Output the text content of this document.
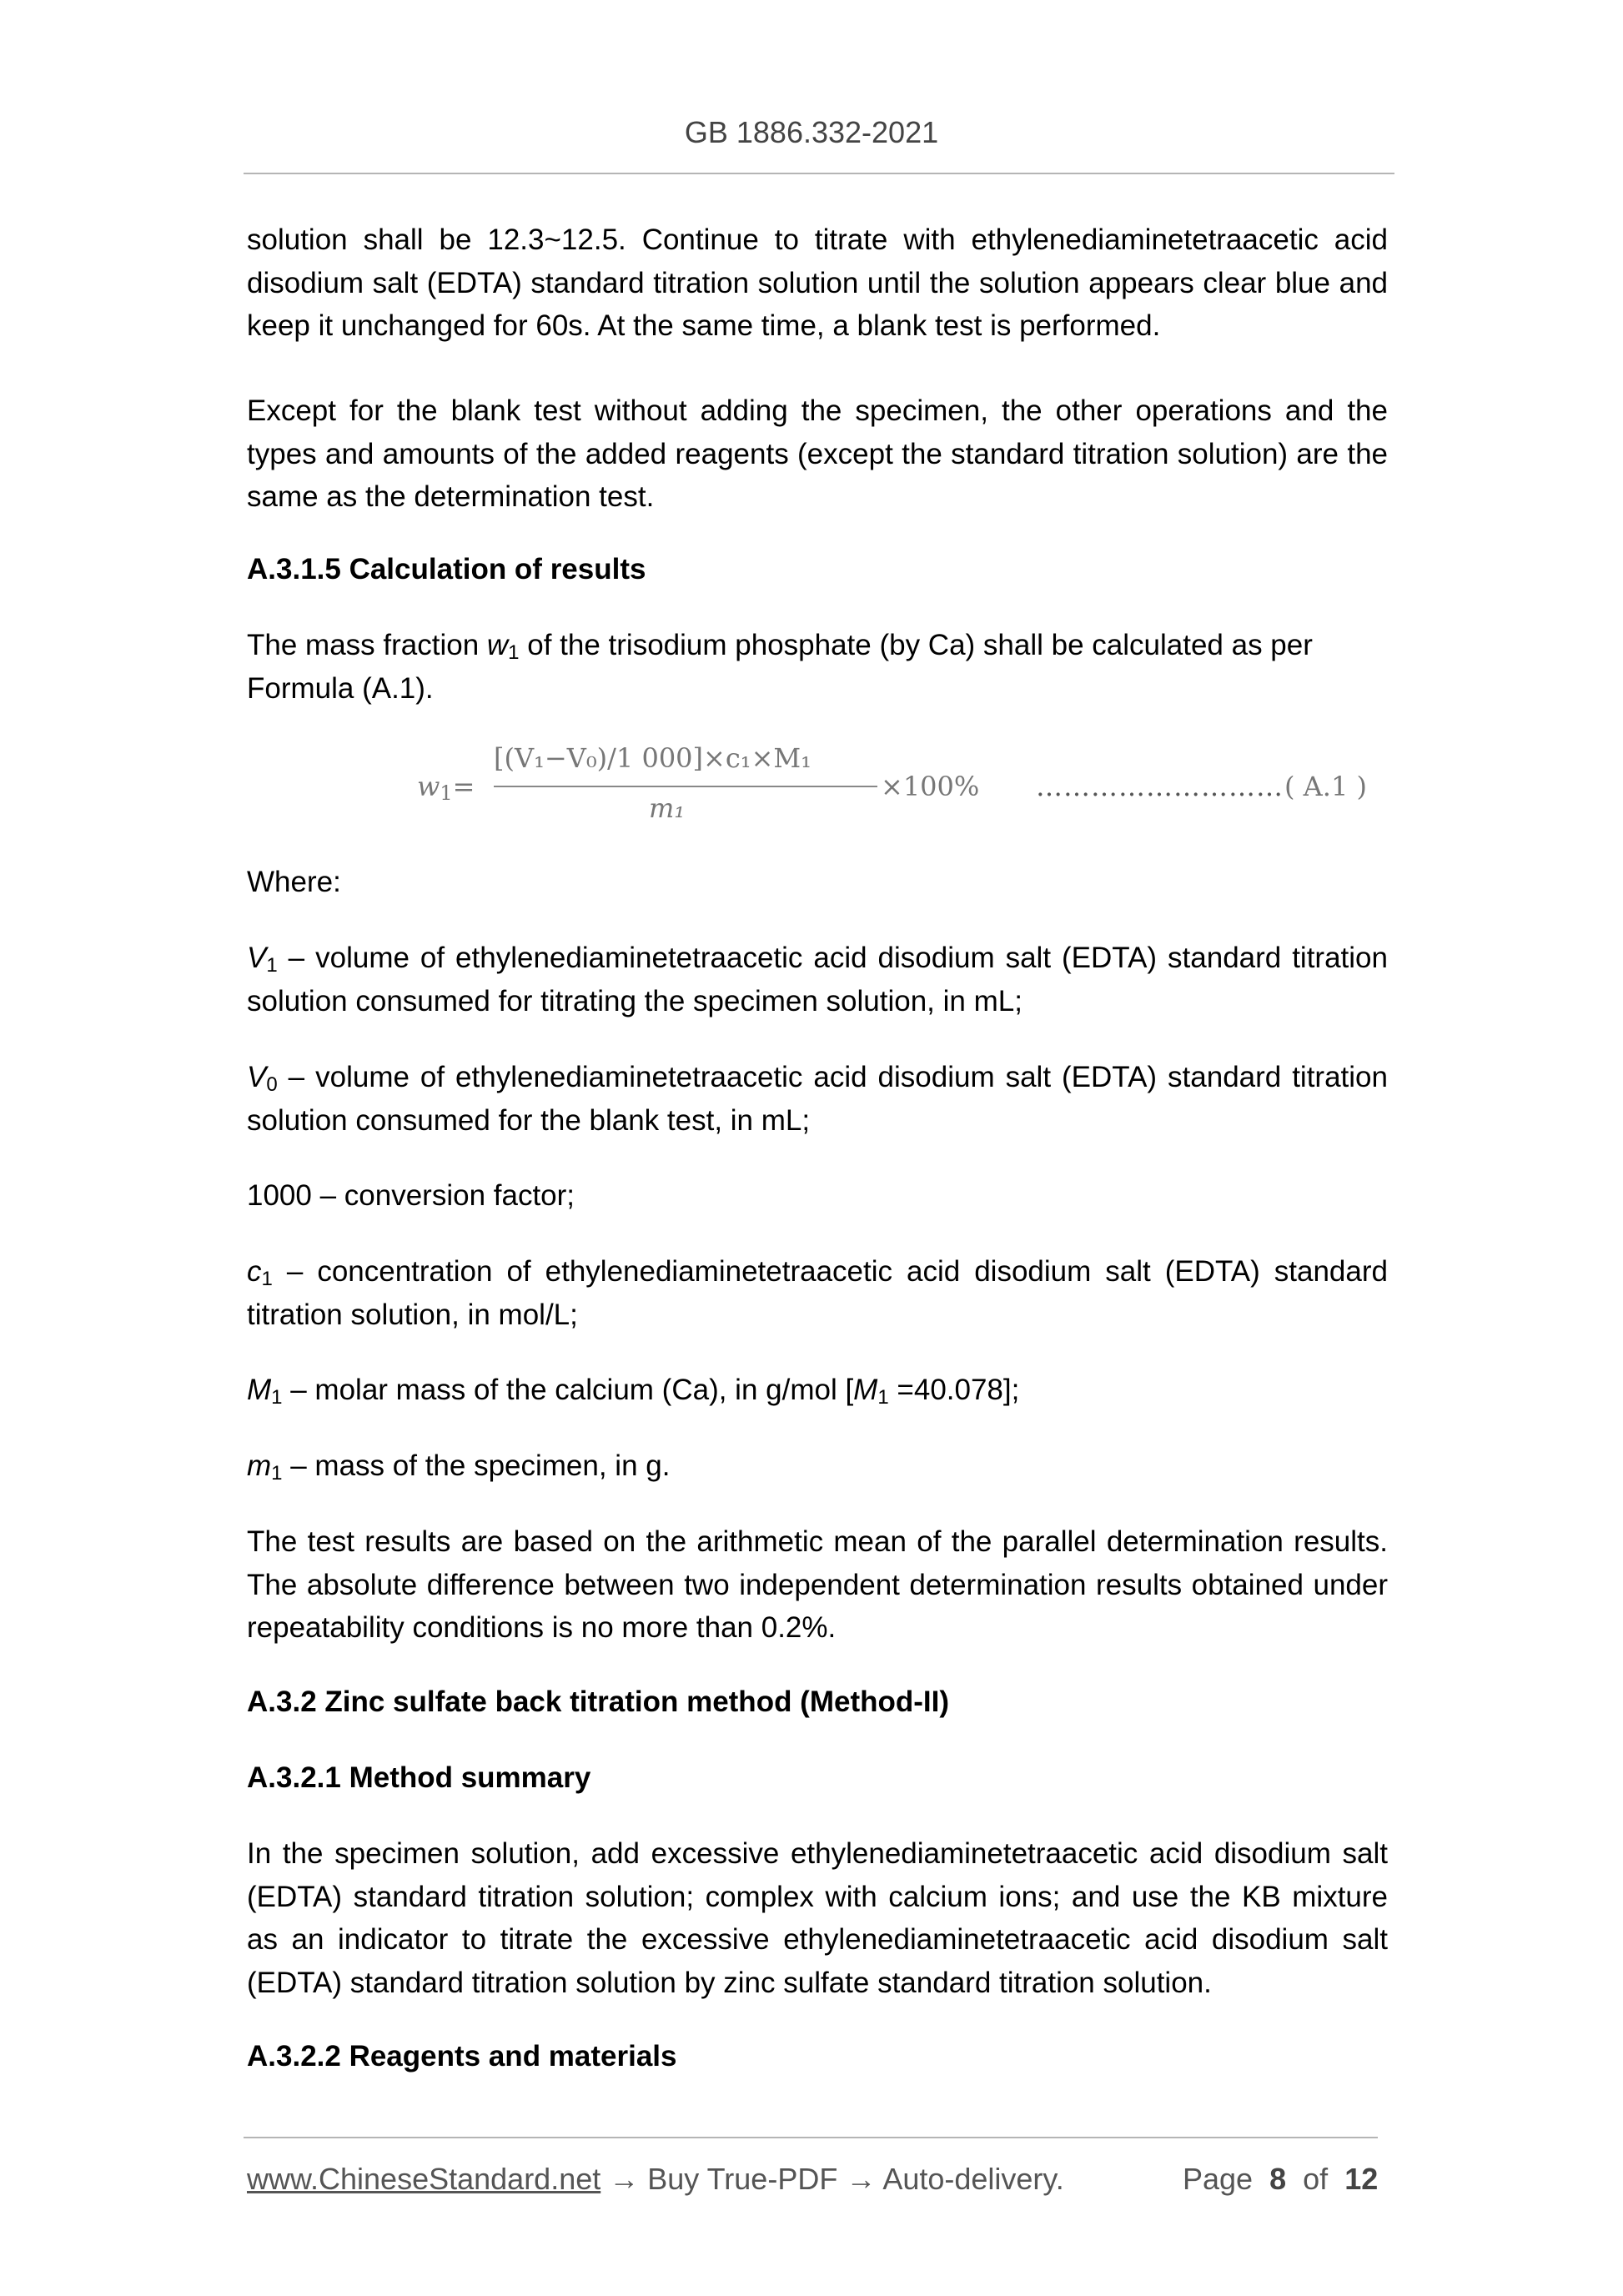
GB 1886.332-2021
solution shall be 12.3~12.5. Continue to titrate with ethylenediaminetetraacetic acid disodium salt (EDTA) standard titration solution until the solution appears clear blue and keep it unchanged for 60s. At the same time, a blank test is performed.
Except for the blank test without adding the specimen, the other operations and the types and amounts of the added reagents (except the standard titration solution) are the same as the determination test.
A.3.1.5 Calculation of results
The mass fraction $w_1$ of the trisodium phosphate (by Ca) shall be calculated as per Formula (A.1).
$w_1=$
[(V₁−V₀)/1 000]×c₁×M₁
m₁
×100% ……………………… ( A.1 )
Where:
$V_1$ – volume of ethylenediaminetetraacetic acid disodium salt (EDTA) standard titration solution consumed for titrating the specimen solution, in mL;
$V_0$ – volume of ethylenediaminetetraacetic acid disodium salt (EDTA) standard titration solution consumed for the blank test, in mL;
1000 – conversion factor;
$c_1$ – concentration of ethylenediaminetetraacetic acid disodium salt (EDTA) standard titration solution, in mol/L;
$M_1$ – molar mass of the calcium (Ca), in g/mol $[M_1 =40.078]$;
$m_1$ – mass of the specimen, in g.
The test results are based on the arithmetic mean of the parallel determination results. The absolute difference between two independent determination results obtained under repeatability conditions is no more than 0.2%.
A.3.2 Zinc sulfate back titration method (Method-II)
A.3.2.1 Method summary
In the specimen solution, add excessive ethylenediaminetetraacetic acid disodium salt (EDTA) standard titration solution; complex with calcium ions; and use the KB mixture as an indicator to titrate the excessive ethylenediaminetetraacetic acid disodium salt (EDTA) standard titration solution by zinc sulfate standard titration solution.
A.3.2.2 Reagents and materials
www.ChineseStandard.net → Buy True-PDF → Auto-delivery.	Page 8 of 12
